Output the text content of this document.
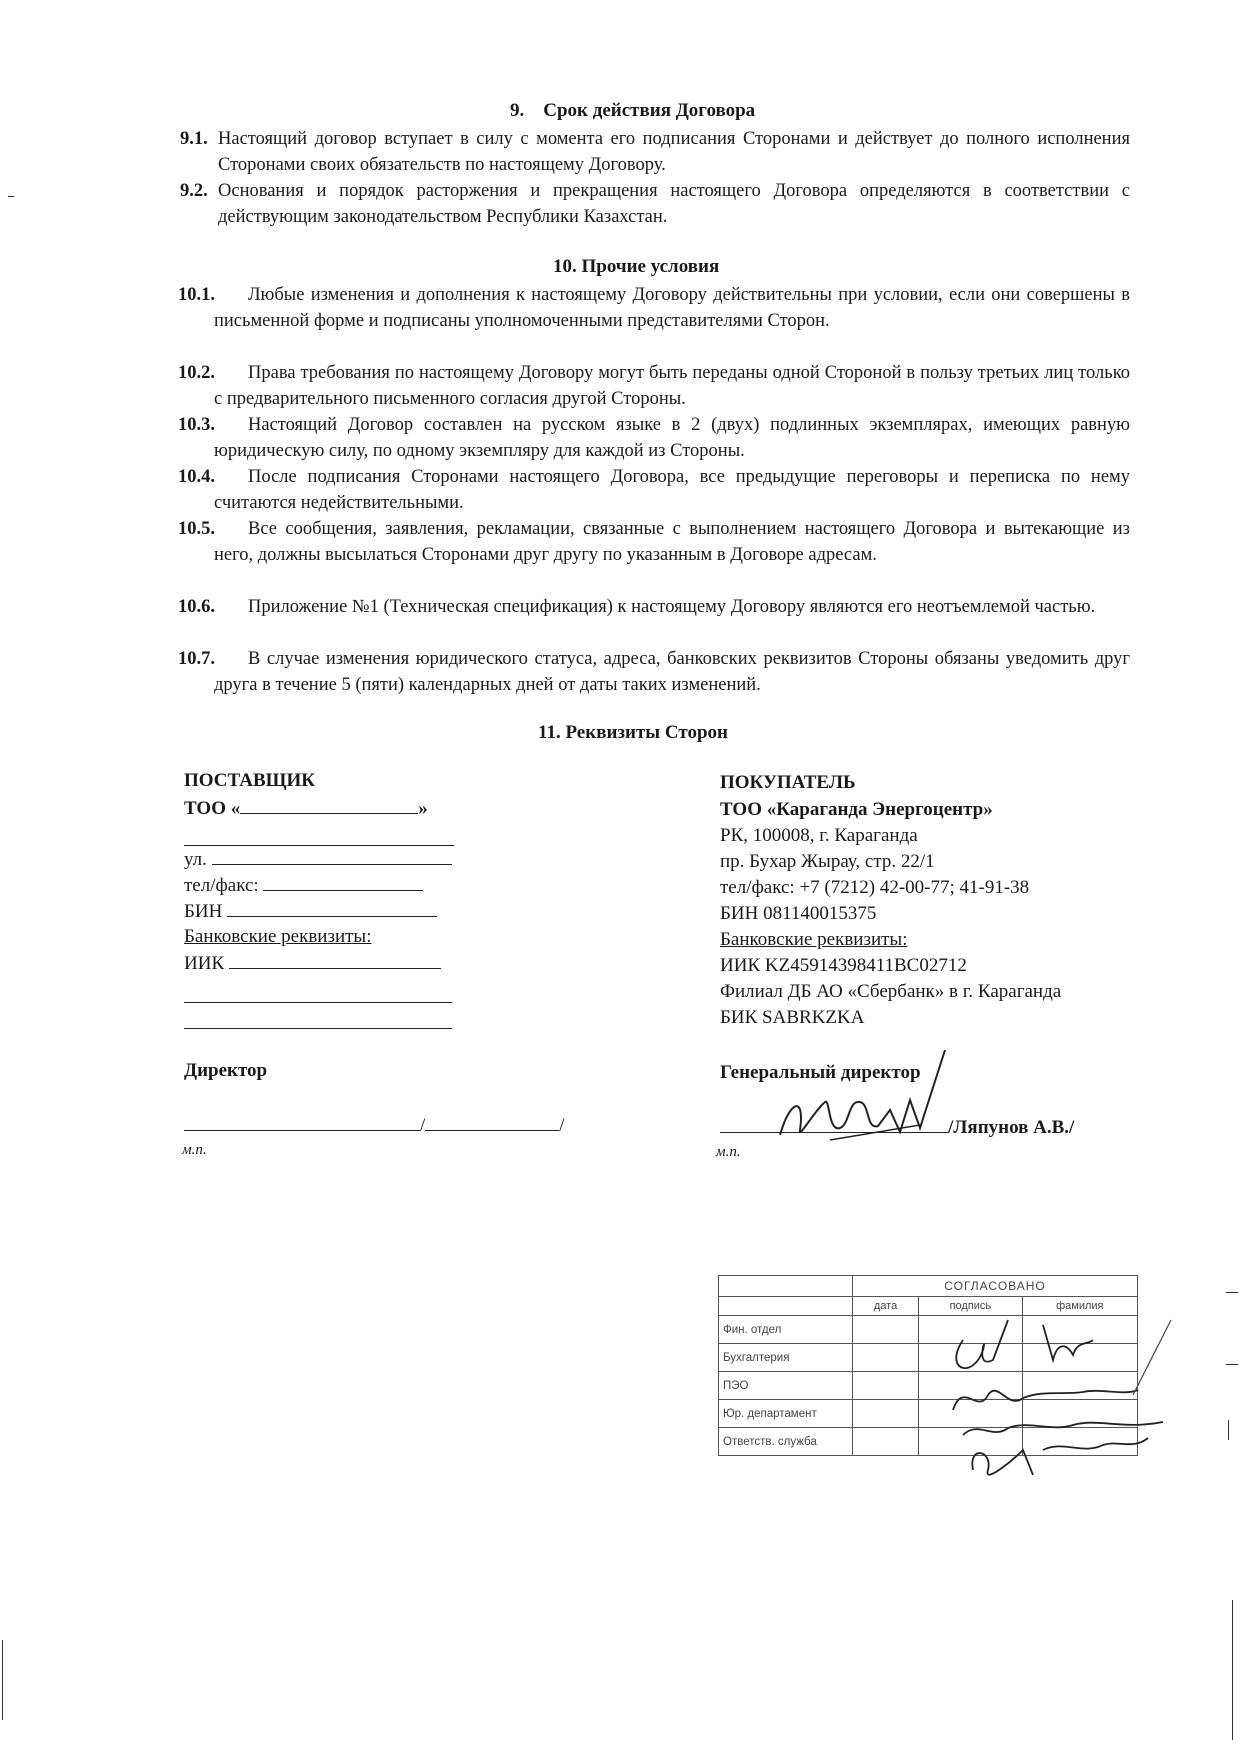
9. Срок действия Договора
9.1. Настоящий договор вступает в силу с момента его подписания Сторонами и действует до полного исполнения Сторонами своих обязательств по настоящему Договору.
9.2. Основания и порядок расторжения и прекращения настоящего Договора определяются в соответствии с действующим законодательством Республики Казахстан.
10. Прочие условия
10.1.	Любые изменения и дополнения к настоящему Договору действительны при условии, если они совершены в письменной форме и подписаны уполномоченными представителями Сторон.
10.2.	Права требования по настоящему Договору могут быть переданы одной Стороной в пользу третьих лиц только с предварительного письменного согласия другой Стороны.
10.3.	Настоящий Договор составлен на русском языке в 2 (двух) подлинных экземплярах, имеющих равную юридическую силу, по одному экземпляру для каждой из Стороны.
10.4.	После подписания Сторонами настоящего Договора, все предыдущие переговоры и переписка по нему считаются недействительными.
10.5.	Все сообщения, заявления, рекламации, связанные с выполнением настоящего Договора и вытекающие из него, должны высылаться Сторонами друг другу по указанным в Договоре адресам.
10.6.	Приложение №1 (Техническая спецификация) к настоящему Договору являются его неотъемлемой частью.
10.7.	В случае изменения юридического статуса, адреса, банковских реквизитов Стороны обязаны уведомить друг друга в течение 5 (пяти) календарных дней от даты таких изменений.
11. Реквизиты Сторон
ПОСТАВЩИК
ТОО «	»
ул.
тел/факс:
БИН
Банковские реквизиты:
ИИК
Директор
/	/
м.п.
ПОКУПАТЕЛЬ
ТОО «Караганда Энергоцентр»
РК, 100008, г. Караганда
пр. Бухар Жырау, стр. 22/1
тел/факс: +7 (7212) 42-00-77; 41-91-38
БИН 081140015375
Банковские реквизиты:
ИИК KZ45914398411BC02712
Филиал ДБ АО «Сбербанк» в г. Караганда
БИК SABRKZKA
Генеральный директор
/Ляпунов А.В./
м.п.
	СОГЛАСОВАНО		
	дата	подпись	фамилия
Фин. отдел			
Бухгалтерия			
ПЭО			
Юр. департамент			
Ответств. служба			
